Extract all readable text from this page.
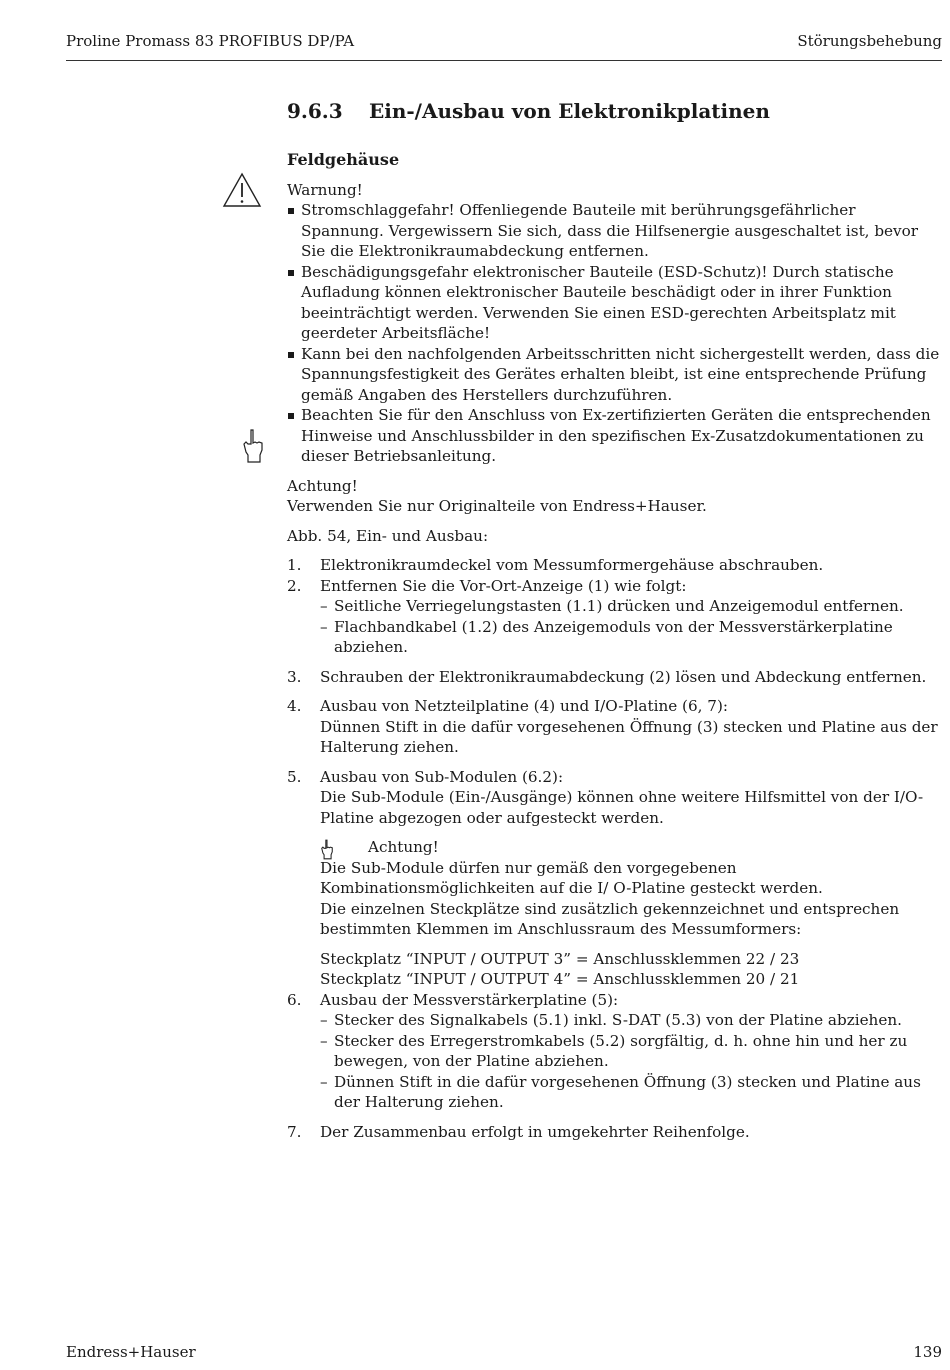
Proline Promass 83 PROFIBUS DP/PA	Störungsbehebung
9.6.3 Ein-/Ausbau von Elektronikplatinen

Feldgehäuse

Warnung!

Stromschlaggefahr! Offenliegende Bauteile mit berührungsgefährlicher Spannung. Vergewissern Sie sich, dass die Hilfsenergie ausgeschaltet ist, bevor Sie die Elektronikraumabdeckung entfernen.
Beschädigungsgefahr elektronischer Bauteile (ESD-Schutz)! Durch statische Aufladung können elektronischer Bauteile beschädigt oder in ihrer Funktion beeinträchtigt werden. Verwenden Sie einen ESD-gerechten Arbeitsplatz mit geerdeter Arbeitsfläche!
Kann bei den nachfolgenden Arbeitsschritten nicht sichergestellt werden, dass die Spannungsfestigkeit des Gerätes erhalten bleibt, ist eine entsprechende Prüfung gemäß Angaben des Herstellers durchzuführen.
Beachten Sie für den Anschluss von Ex-zertifizierten Geräten die entsprechenden Hinweise und Anschlussbilder in den spezifischen Ex-Zusatzdokumentationen zu dieser Betriebsanleitung.

Achtung!

Verwenden Sie nur Originalteile von Endress+Hauser.

Abb. 54, Ein- und Ausbau:

1. Elektronikraumdeckel vom Messumformergehäuse abschrauben.

2. Entfernen Sie die Vor-Ort-Anzeige (1) wie folgt:

– Seitliche Verriegelungstasten (1.1) drücken und Anzeigemodul entfernen.
– Flachbandkabel (1.2) des Anzeigemoduls von der Messverstärkerplatine abziehen.
3. Schrauben der Elektronikraumabdeckung (2) lösen und Abdeckung entfernen.

4. Ausbau von Netzteilplatine (4) und I/O-Platine (6, 7):

Dünnen Stift in die dafür vorgesehenen Öffnung (3) stecken und Platine aus der Halterung ziehen.

5. Ausbau von Sub-Modulen (6.2):

Die Sub-Module (Ein-/Ausgänge) können ohne weitere Hilfsmittel von der I/O-Platine abgezogen oder aufgesteckt werden.

Achtung!

Die Sub-Module dürfen nur gemäß den vorgegebenen Kombinationsmöglichkeiten auf die I/ O-Platine gesteckt werden.

Die einzelnen Steckplätze sind zusätzlich gekennzeichnet und entsprechen bestimmten Klemmen im Anschlussraum des Messumformers:

Steckplatz “INPUT / OUTPUT 3” = Anschlussklemmen 22 / 23

Steckplatz “INPUT / OUTPUT 4” = Anschlussklemmen 20 / 21

6. Ausbau der Messverstärkerplatine (5):

– Stecker des Signalkabels (5.1) inkl. S-DAT (5.3) von der Platine abziehen.
– Stecker des Erregerstromkabels (5.2) sorgfältig, d. h. ohne hin und her zu bewegen, von der Platine abziehen.
– Dünnen Stift in die dafür vorgesehenen Öffnung (3) stecken und Platine aus der Halterung ziehen.
7. Der Zusammenbau erfolgt in umgekehrter Reihenfolge.

Endress+Hauser	139
